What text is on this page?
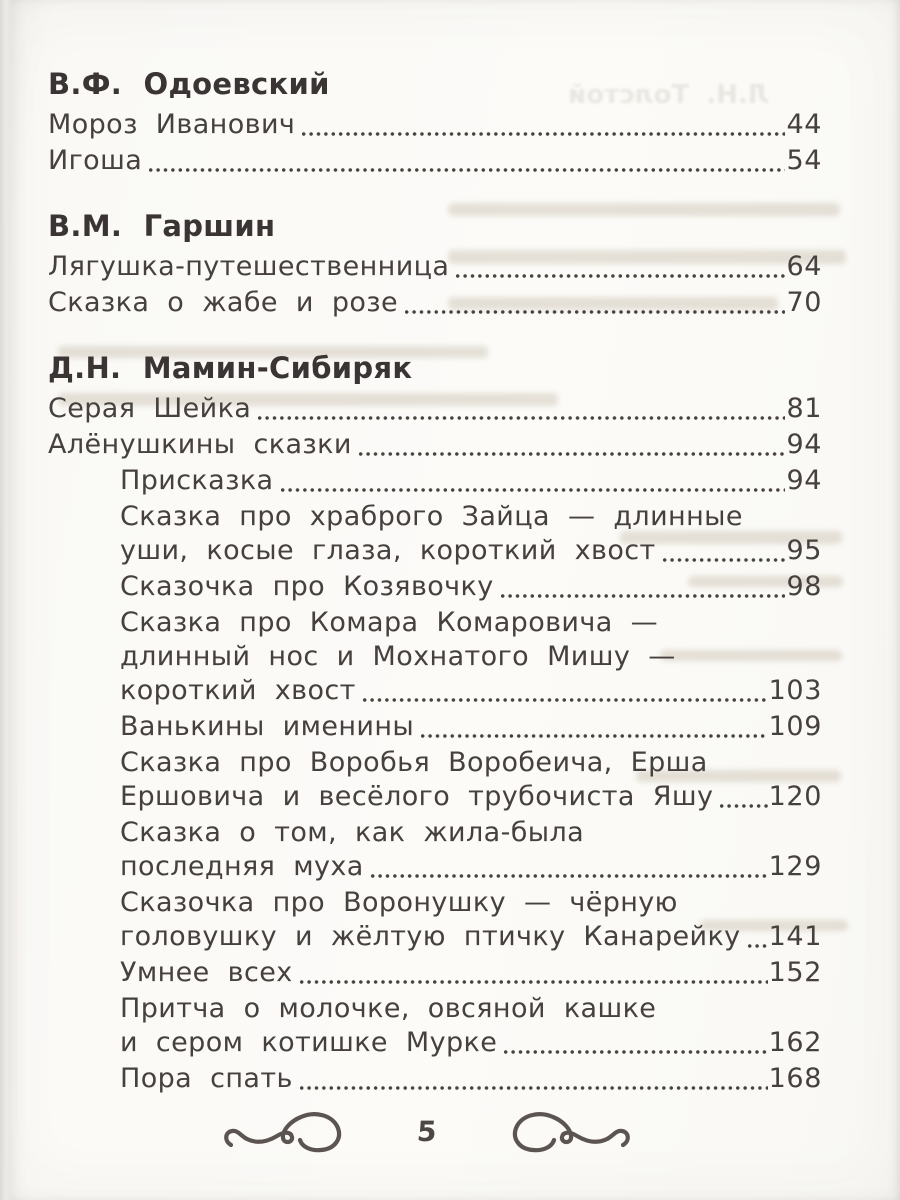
Л.Н. Толстой
В.Ф. Одоевский
Мороз Иванович	44
Игоша	54
В.М. Гаршин
Лягушка-путешественница	64
Сказка о жабе и розе	70
Д.Н. Мамин-Сибиряк
Серая Шейка	81
Алёнушкины сказки	94
Присказка	94
Сказка про храброго Зайца — длинные
уши, косые глаза, короткий хвост	95
Сказочка про Козявочку	98
Сказка про Комара Комаровича —
длинный нос и Мохнатого Мишу —
короткий хвост	103
Ванькины именины	109
Сказка про Воробья Воробеича, Ерша
Ершовича и весёлого трубочиста Яшу 120
Сказка о том, как жила-была
последняя муха	129
Сказочка про Воронушку — чёрную
головушку и жёлтую птичку Канарейку 141
Умнее всех	152
Притча о молочке, овсяной кашке
и сером котишке Мурке	162
Пора спать	168
5
